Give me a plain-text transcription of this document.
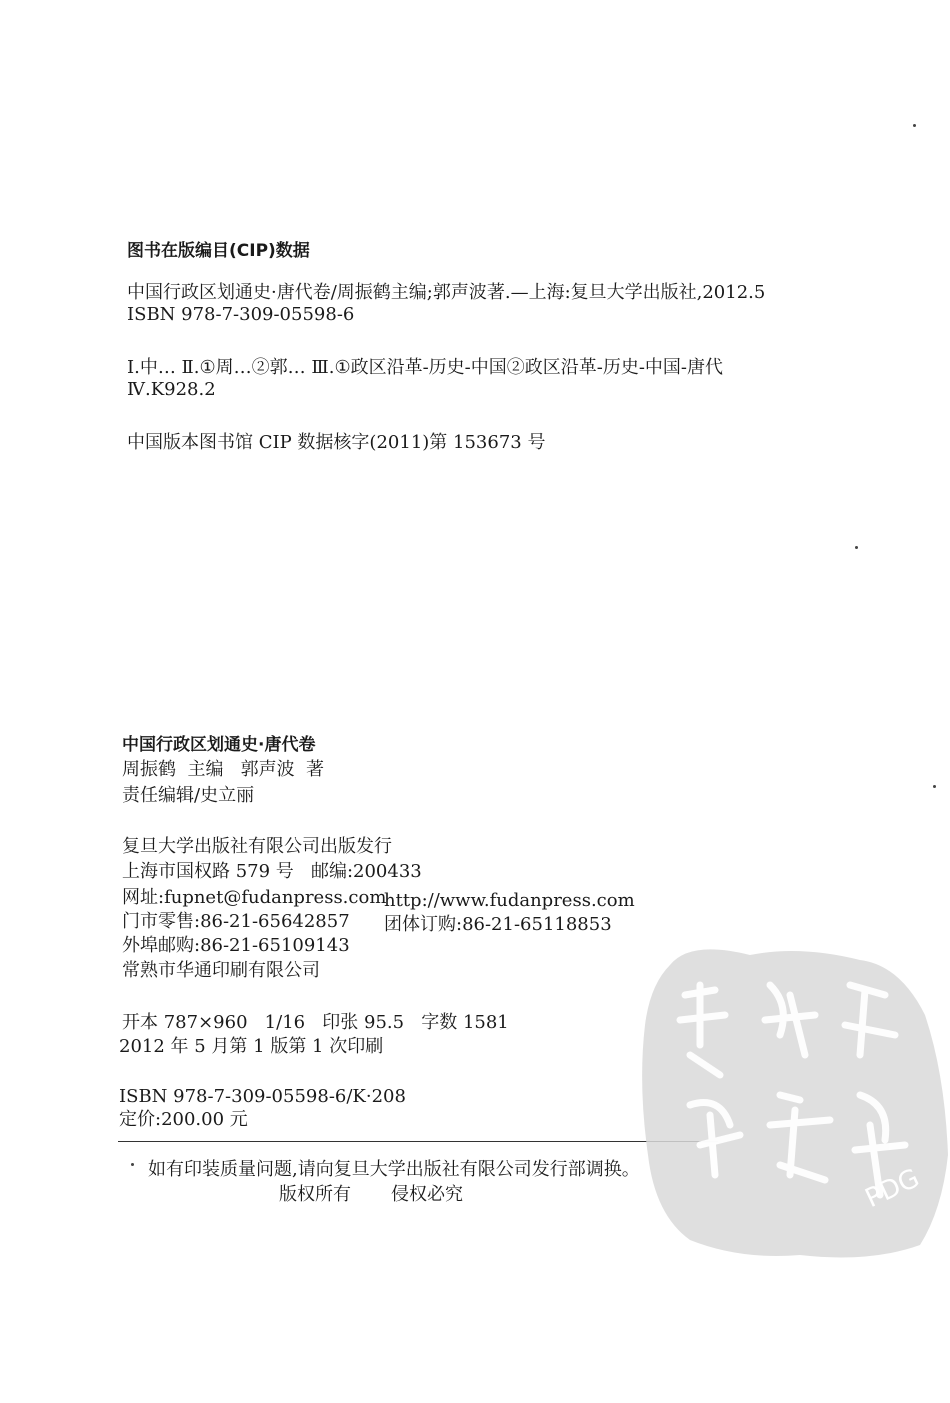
图书在版编目(CIP)数据
中国行政区划通史·唐代卷/周振鹤主编;郭声波著.—上海:复旦大学出版社,2012.5
ISBN 978-7-309-05598-6
Ⅰ.中… Ⅱ.①周…②郭… Ⅲ.①政区沿革-历史-中国②政区沿革-历史-中国-唐代
Ⅳ.K928.2
中国版本图书馆 CIP 数据核字(2011)第 153673 号
中国行政区划通史·唐代卷
周振鹤  主编   郭声波  著
责任编辑/史立丽
复旦大学出版社有限公司出版发行
上海市国权路 579 号   邮编:200433
网址:fupnet@fudanpress.com
http://www.fudanpress.com
门市零售:86-21-65642857 团体订购:86-21-65118853
外埠邮购:86-21-65109143
常熟市华通印刷有限公司
开本 787×960   1/16   印张 95.5   字数 1581
2012 年 5 月第 1 版第 1 次印刷
ISBN 978-7-309-05598-6/K·208
定价:200.00 元
如有印装质量问题,请向复旦大学出版社有限公司发行部调换。
版权所有 侵权必究	PDG
